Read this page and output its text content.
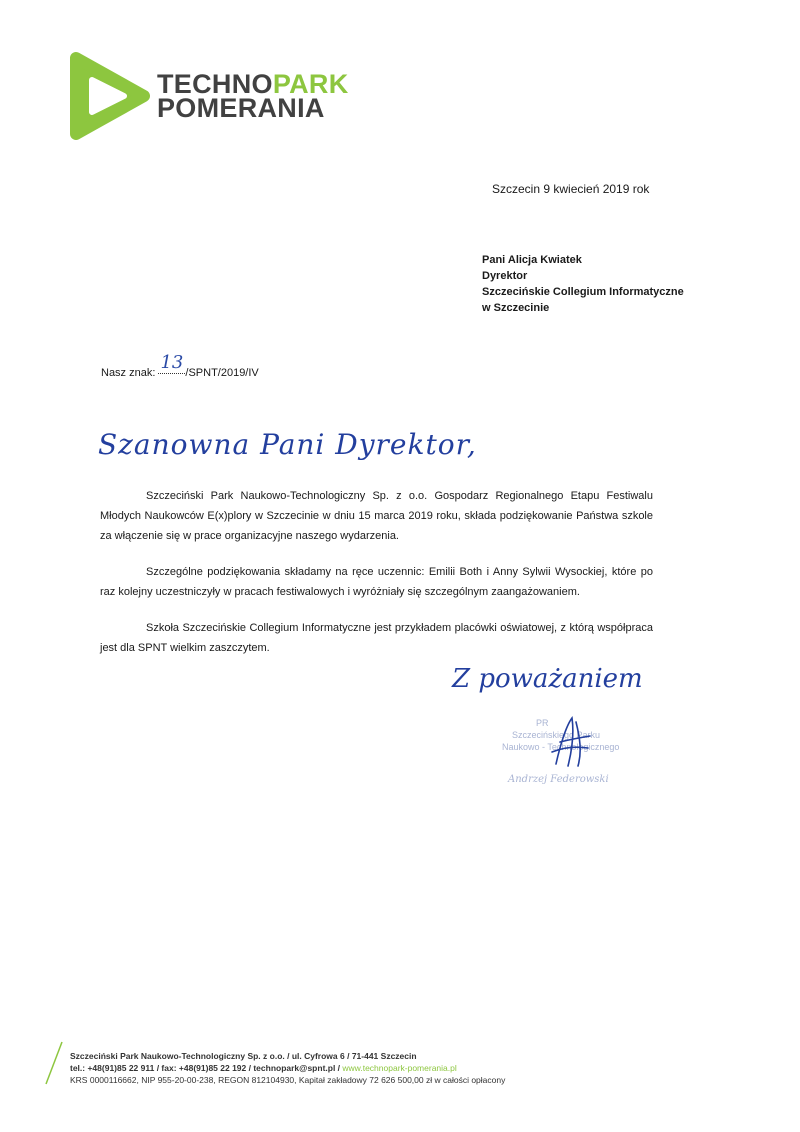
TECHNOPARK
POMERANIA
Szczecin 9 kwiecień 2019 rok
Pani Alicja Kwiatek
Dyrektor
Szczecińskie Collegium Informatyczne
w Szczecinie
Nasz znak: 13 /SPNT/2019/IV
Szanowna Pani Dyrektor,

Szczeciński Park Naukowo-Technologiczny Sp. z o.o. Gospodarz Regionalnego Etapu Festiwalu Młodych Naukowców E(x)plory w Szczecinie w dniu 15 marca 2019 roku, składa podziękowanie Państwa szkole za włączenie się w prace organizacyjne naszego wydarzenia.

Szczególne podziękowania składamy na ręce uczennic: Emilii Both i Anny Sylwii Wysockiej, które po raz kolejny uczestniczyły w pracach festiwalowych i wyróżniały się szczególnym zaangażowaniem.

Szkoła Szczecińskie Collegium Informatyczne jest przykładem placówki oświatowej, z którą współpraca jest dla SPNT wielkim zaszczytem.

Z poważaniem
PR
Szczecińskiego Parku
Naukowo - Technologicznego
Andrzej Federowski
Szczeciński Park Naukowo-Technologiczny Sp. z o.o. / ul. Cyfrowa 6 / 71-441 Szczecin
tel.: +48(91)85 22 911 / fax: +48(91)85 22 192 / technopark@spnt.pl / www.technopark-pomerania.pl
KRS 0000116662, NIP 955-20-00-238, REGON 812104930, Kapitał zakładowy 72 626 500,00 zł w całości opłacony
